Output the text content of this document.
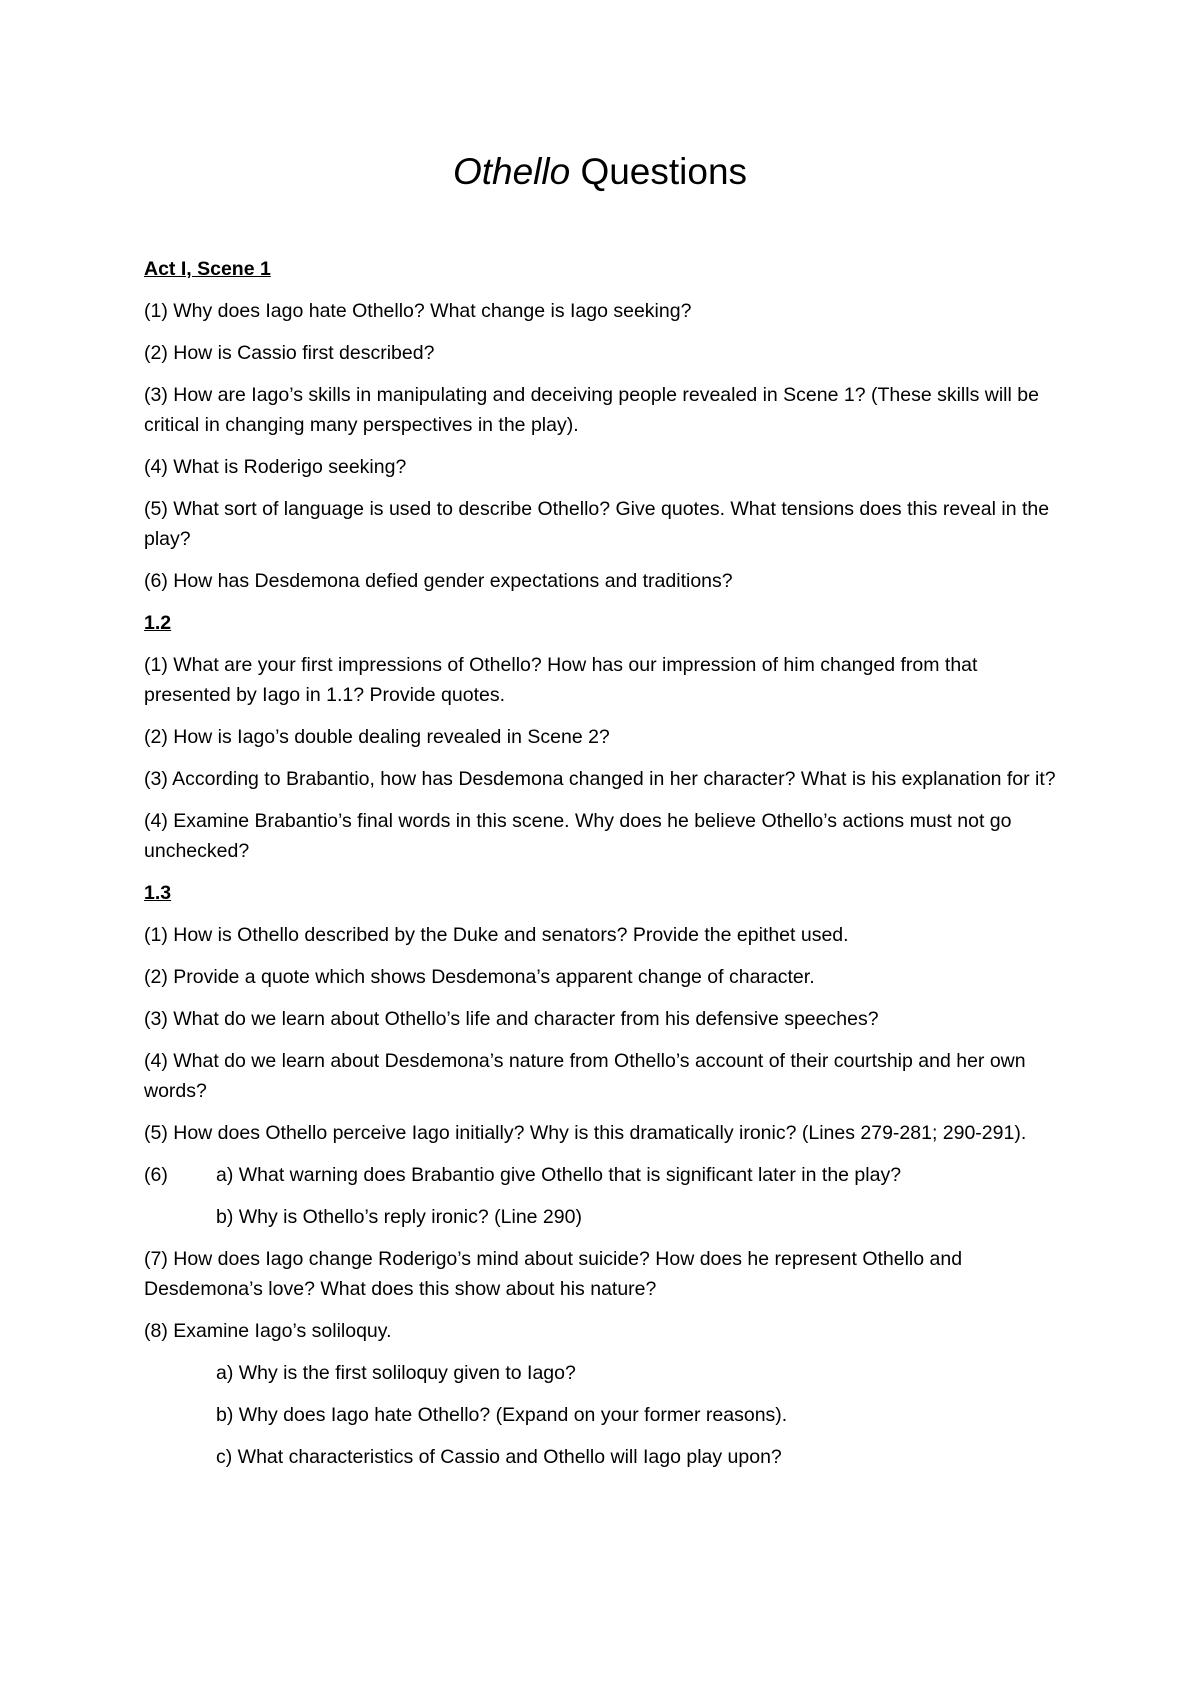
Othello Questions
Act I, Scene 1

(1) Why does Iago hate Othello? What change is Iago seeking?

(2) How is Cassio first described?

(3) How are Iago’s skills in manipulating and deceiving people revealed in Scene 1? (These skills will be critical in changing many perspectives in the play).

(4) What is Roderigo seeking?

(5) What sort of language is used to describe Othello? Give quotes. What tensions does this reveal in the play?

(6) How has Desdemona defied gender expectations and traditions?

1.2

(1) What are your first impressions of Othello? How has our impression of him changed from that presented by Iago in 1.1? Provide quotes.

(2) How is Iago’s double dealing revealed in Scene 2?

(3) According to Brabantio, how has Desdemona changed in her character? What is his explanation for it?

(4) Examine Brabantio’s final words in this scene. Why does he believe Othello’s actions must not go unchecked?

1.3

(1) How is Othello described by the Duke and senators? Provide the epithet used.

(2) Provide a quote which shows Desdemona’s apparent change of character.

(3) What do we learn about Othello’s life and character from his defensive speeches?

(4) What do we learn about Desdemona’s nature from Othello’s account of their courtship and her own words?

(5) How does Othello perceive Iago initially? Why is this dramatically ironic? (Lines 279-281; 290-291).

(6)	a) What warning does Brabantio give Othello that is significant later in the play?

b) Why is Othello’s reply ironic? (Line 290)

(7) How does Iago change Roderigo’s mind about suicide? How does he represent Othello and Desdemona’s love? What does this show about his nature?

(8) Examine Iago’s soliloquy.

a) Why is the first soliloquy given to Iago?

b) Why does Iago hate Othello? (Expand on your former reasons).

c) What characteristics of Cassio and Othello will Iago play upon?
